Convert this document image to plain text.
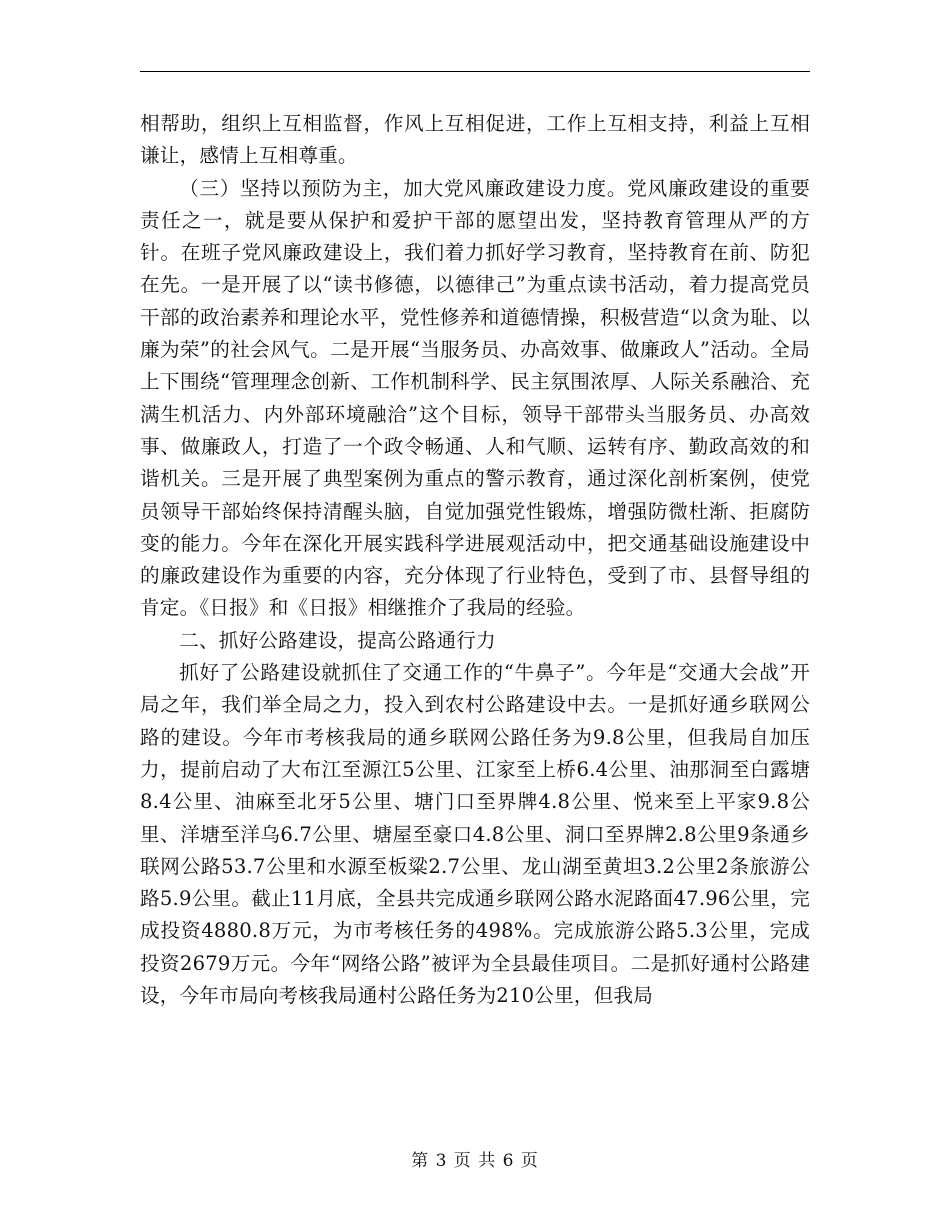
相帮助，组织上互相监督，作风上互相促进，工作上互相支持，利益上互相谦让，感情上互相尊重。

（三）坚持以预防为主，加大党风廉政建设力度。党风廉政建设的重要责任之一，就是要从保护和爱护干部的愿望出发，坚持教育管理从严的方针。在班子党风廉政建设上，我们着力抓好学习教育，坚持教育在前、防犯在先。一是开展了以“读书修德，以德律己”为重点读书活动，着力提高党员干部的政治素养和理论水平，党性修养和道德情操，积极营造“以贪为耻、以廉为荣”的社会风气。二是开展“当服务员、办高效事、做廉政人”活动。全局上下围绕“管理理念创新、工作机制科学、民主氛围浓厚、人际关系融洽、充满生机活力、内外部环境融洽”这个目标，领导干部带头当服务员、办高效事、做廉政人，打造了一个政令畅通、人和气顺、运转有序、勤政高效的和谐机关。三是开展了典型案例为重点的警示教育，通过深化剖析案例，使党员领导干部始终保持清醒头脑，自觉加强党性锻炼，增强防微杜渐、拒腐防变的能力。今年在深化开展实践科学进展观活动中，把交通基础设施建设中的廉政建设作为重要的内容，充分体现了行业特色，受到了市、县督导组的肯定。《日报》和《日报》相继推介了我局的经验。

二、抓好公路建设，提高公路通行力

抓好了公路建设就抓住了交通工作的“牛鼻子”。今年是“交通大会战”开局之年，我们举全局之力，投入到农村公路建设中去。一是抓好通乡联网公路的建设。今年市考核我局的通乡联网公路任务为9.8公里，但我局自加压力，提前启动了大布江至源江5公里、江家至上桥6.4公里、油那洞至白露塘8.4公里、油麻至北牙5公里、塘门口至界牌4.8公里、悦来至上平家9.8公里、洋塘至洋乌6.7公里、塘屋至豪口4.8公里、洞口至界牌2.8公里9条通乡联网公路53.7公里和水源至板粱2.7公里、龙山湖至黄坦3.2公里2条旅游公路5.9公里。截止11月底，全县共完成通乡联网公路水泥路面47.96公里，完成投资4880.8万元，为市考核任务的498%。完成旅游公路5.3公里，完成投资2679万元。今年“网络公路”被评为全县最佳项目。二是抓好通村公路建设，今年市局向考核我局通村公路任务为210公里，但我局

第 3 页 共 6 页
